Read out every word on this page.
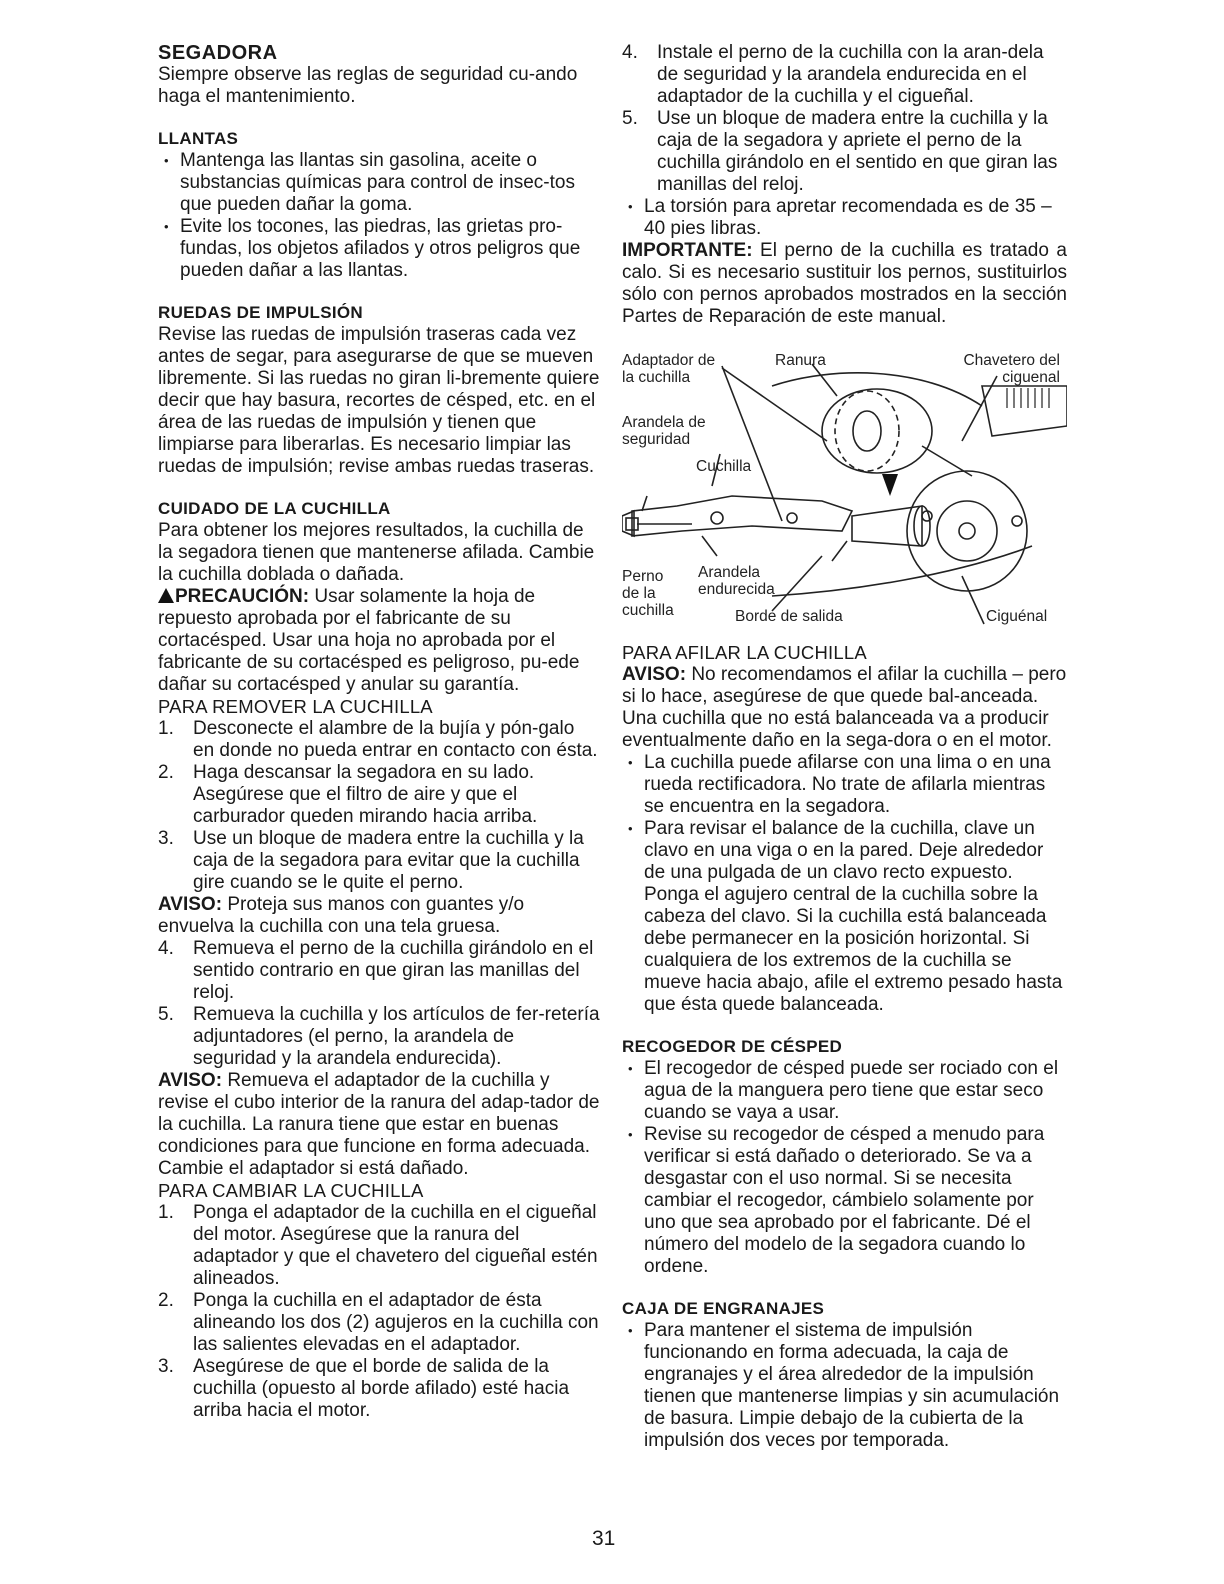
SEGADORA

Siempre observe las reglas de seguridad cu-ando haga el mantenimiento.

LLANTAS

• Mantenga las llantas sin gasolina, aceite o substancias químicas para control de insec-tos que pueden dañar la goma.
• Evite los tocones, las piedras, las grietas pro-fundas, los objetos afilados y otros peligros que pueden dañar a las llantas.

RUEDAS DE IMPULSIÓN

Revise las ruedas de impulsión traseras cada vez antes de segar, para asegurarse de que se mueven libremente. Si las ruedas no giran li-bremente quiere decir que hay basura, recortes de césped, etc. en el área de las ruedas de impulsión y tienen que limpiarse para liberarlas. Es necesario limpiar las ruedas de impulsión; revise ambas ruedas traseras.

CUIDADO DE LA CUCHILLA

Para obtener los mejores resultados, la cuchilla de la segadora tienen que mantenerse afilada. Cambie la cuchilla doblada o dañada.

PRECAUCIÓN: Usar solamente la hoja de repuesto aprobada por el fabricante de su cortacésped. Usar una hoja no aprobada por el fabricante de su cortacésped es peligroso, pu-ede dañar su cortacésped y anular su garantía.

PARA REMOVER LA CUCHILLA

1. Desconecte el alambre de la bujía y pón-galo en donde no pueda entrar en contacto con ésta.
2. Haga descansar la segadora en su lado. Asegúrese que el filtro de aire y que el carburador queden mirando hacia arriba.
3. Use un bloque de madera entre la cuchilla y la caja de la segadora para evitar que la cuchilla gire cuando se le quite el perno.

AVISO: Proteja sus manos con guantes y/o envuelva la cuchilla con una tela gruesa.

4. Remueva el perno de la cuchilla girándolo en el sentido contrario en que giran las manillas del reloj.
5. Remueva la cuchilla y los artículos de fer-retería adjuntadores (el perno, la arandela de seguridad y la arandela endurecida).

AVISO: Remueva el adaptador de la cuchilla y revise el cubo interior de la ranura del adap-tador de la cuchilla. La ranura tiene que estar en buenas condiciones para que funcione en forma adecuada. Cambie el adaptador si está dañado.

PARA CAMBIAR LA CUCHILLA

1. Ponga el adaptador de la cuchilla en el cigueñal del motor. Asegúrese que la ranura del adaptador y que el chavetero del cigueñal estén alineados.
2. Ponga la cuchilla en el adaptador de ésta alineando los dos (2) agujeros en la cuchilla con las salientes elevadas en el adaptador.
3. Asegúrese de que el borde de salida de la cuchilla (opuesto al borde afilado) esté hacia arriba hacia el motor.
4. Instale el perno de la cuchilla con la aran-dela de seguridad y la arandela endurecida en el adaptador de la cuchilla y el cigueñal.
5. Use un bloque de madera entre la cuchilla y la caja de la segadora y apriete el perno de la cuchilla girándolo en el sentido en que giran las manillas del reloj.
• La torsión para apretar recomendada es de 35 – 40 pies libras.

IMPORTANTE: El perno de la cuchilla es tratado a calo. Si es necesario sustituir los pernos, sustituirlos sólo con pernos aprobados mostrados en la sección Partes de Reparación de este manual.

Adaptador de
la cuchilla
Ranura	Chavetero del
ciguenal
Arandela de
seguridad
Cuchilla
Perno
de la
cuchilla
Arandela
endurecida
Borde de salida	Ciguénal

PARA AFILAR LA CUCHILLA

AVISO: No recomendamos el afilar la cuchilla – pero si lo hace, asegúrese de que quede bal-anceada. Una cuchilla que no está balanceada va a producir eventualmente daño en la sega-dora o en el motor.

• La cuchilla puede afilarse con una lima o en una rueda rectificadora. No trate de afilarla mientras se encuentra en la segadora.
• Para revisar el balance de la cuchilla, clave un clavo en una viga o en la pared. Deje alrededor de una pulgada de un clavo recto expuesto. Ponga el agujero central de la cuchilla sobre la cabeza del clavo. Si la cuchilla está balanceada debe permanecer en la posición horizontal. Si cualquiera de los extremos de la cuchilla se mueve hacia abajo, afile el extremo pesado hasta que ésta quede balanceada.

RECOGEDOR DE CÉSPED

• El recogedor de césped puede ser rociado con el agua de la manguera pero tiene que estar seco cuando se vaya a usar.
• Revise su recogedor de césped a menudo para verificar si está dañado o deteriorado. Se va a desgastar con el uso normal. Si se necesita cambiar el recogedor, cámbielo solamente por uno que sea aprobado por el fabricante. Dé el número del modelo de la segadora cuando lo ordene.

CAJA DE ENGRANAJES

• Para mantener el sistema de impulsión funcionando en forma adecuada, la caja de engranajes y el área alrededor de la impulsión tienen que mantenerse limpias y sin acumulación de basura. Limpie debajo de la cubierta de la impulsión dos veces por temporada.
31
